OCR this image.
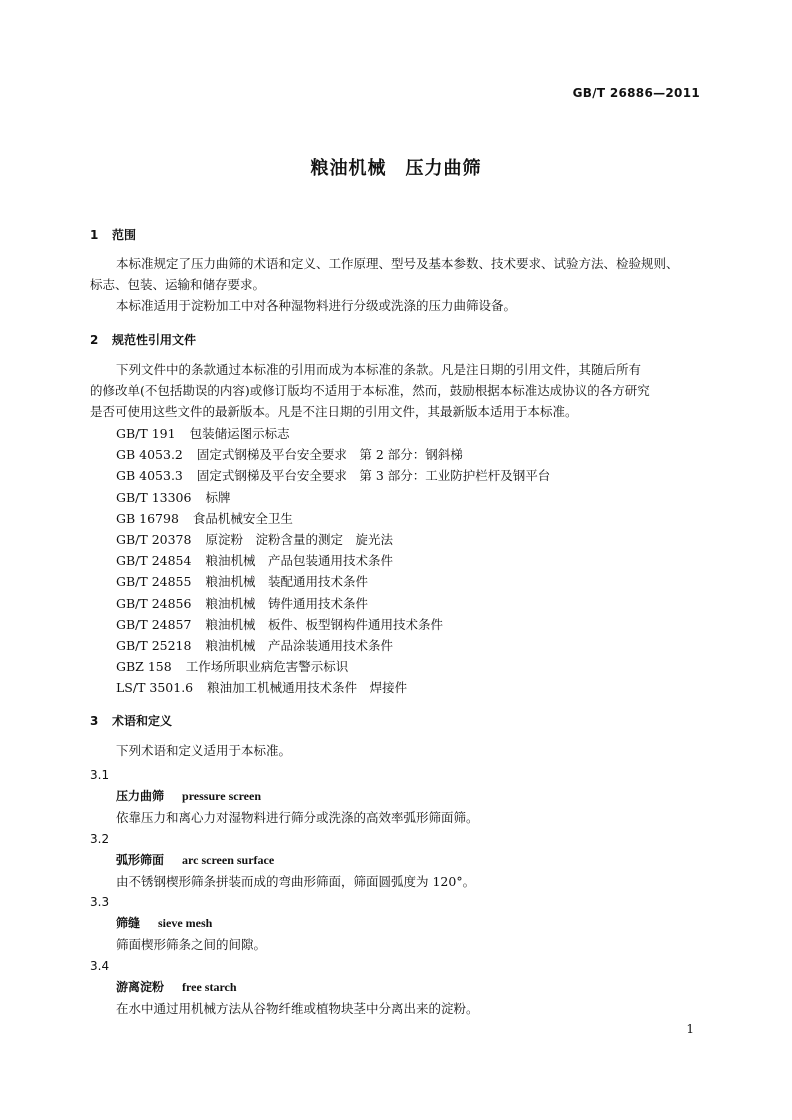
GB/T 26886—2011
粮油机械　压力曲筛
1 范围
本标准规定了压力曲筛的术语和定义、工作原理、型号及基本参数、技术要求、试验方法、检验规则、
标志、包装、运输和储存要求。
本标准适用于淀粉加工中对各种湿物料进行分级或洗涤的压力曲筛设备。
2 规范性引用文件
下列文件中的条款通过本标准的引用而成为本标准的条款。凡是注日期的引用文件，其随后所有
的修改单(不包括勘误的内容)或修订版均不适用于本标准，然而，鼓励根据本标准达成协议的各方研究
是否可使用这些文件的最新版本。凡是不注日期的引用文件，其最新版本适用于本标准。
GB/T 191 包装储运图示标志
GB 4053.2 固定式钢梯及平台安全要求　第 2 部分：钢斜梯
GB 4053.3 固定式钢梯及平台安全要求　第 3 部分：工业防护栏杆及钢平台
GB/T 13306 标牌
GB 16798 食品机械安全卫生
GB/T 20378 原淀粉　淀粉含量的测定　旋光法
GB/T 24854 粮油机械　产品包装通用技术条件
GB/T 24855 粮油机械　装配通用技术条件
GB/T 24856 粮油机械　铸件通用技术条件
GB/T 24857 粮油机械　板件、板型钢构件通用技术条件
GB/T 25218 粮油机械　产品涂装通用技术条件
GBZ 158 工作场所职业病危害警示标识
LS/T 3501.6 粮油加工机械通用技术条件　焊接件
3 术语和定义
下列术语和定义适用于本标准。
3.1
压力曲筛 pressure screen
依靠压力和离心力对湿物料进行筛分或洗涤的高效率弧形筛面筛。
3.2
弧形筛面 arc screen surface
由不锈钢楔形筛条拼装而成的弯曲形筛面，筛面圆弧度为 120°。
3.3
筛缝 sieve mesh
筛面楔形筛条之间的间隙。
3.4
游离淀粉 free starch
在水中通过用机械方法从谷物纤维或植物块茎中分离出来的淀粉。
1
